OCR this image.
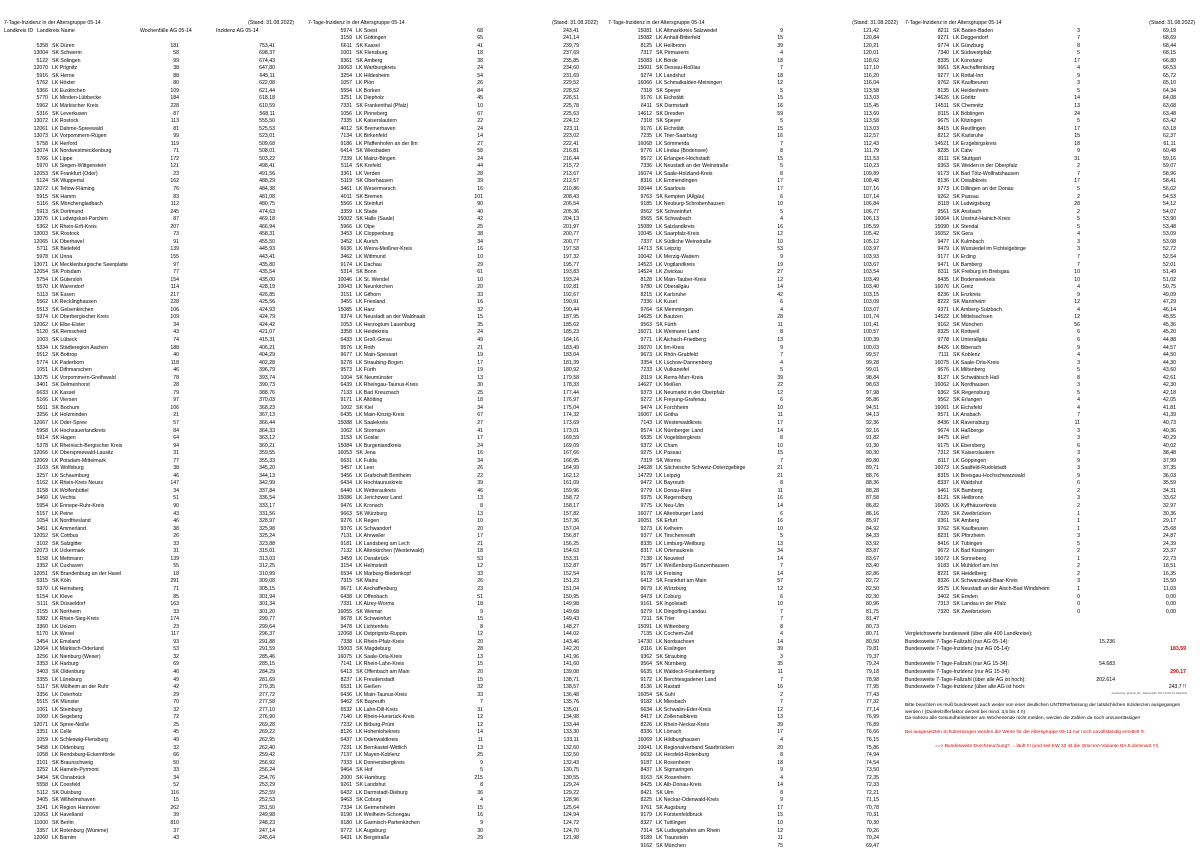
7-Tage-Inzidenz in der Altersgruppe 05-14	(Stand: 31.08.2022)
Landkreis ID Landkreis Name	Wochenfälle AG 05-14	Inzidenz AG 05-14
5358 SK Düren	181	753,41
13004 SK Schwerin	58	698,37
5122 SK Solingen	99	674,43
12070 LK Prignitz	38	647,80
5916 SK Herne	88	645,11
5762 LK Höxter	80	622,08
5366 LK Euskirchen	109	621,44
5770 LK Minden-Lübbecke	184	618,18
5962 LK Märkischer Kreis	228	610,59
5316 SK Leverkusen	87	568,11
13072 LK Rostock	113	555,50
12061 LK Dahme-Spreewald	81	525,53
13073 LK Vorpommern-Rügen	99	523,01
5758 LK Herford	119	509,68
13074 LK Nordwestmecklenburg	71	508,01
5766 LK Lippe	172	503,22
5970 LK Siegen-Wittgenstein	121	498,41
12053 SK Frankfurt (Oder)	23	491,56
5124 SK Wuppertal	162	488,29
12072 LK Teltow-Fläming	76	484,38
5915 SK Hamm	83	481,08
5116 SK Mönchengladbach	112	480,75
5913 SK Dortmund	245	474,63
13076 LK Ludwigslust-Parchim	87	469,18
5362 LK Rhein-Erft-Kreis	207	466,94
13003 SK Rostock	73	458,31
12065 LK Oberhavel	91	455,50
5711 SK Bielefeld	139	445,93
5978 LK Unna	155	443,41
13071 LK Mecklenburgische Seenplatte	97	435,80
12054 SK Potsdam	77	435,54
5754 LK Gütersloh	154	435,00
5570 LK Warendorf	114	428,19
5113 SK Essen	217	426,85
5562 LK Recklinghausen	228	425,56
5513 SK Gelsenkirchen	106	424,93
5374 LK Oberbergischer Kreis	109	424,79
12062 LK Elbe-Elster	34	424,42
5120 SK Remscheid	43	421,07
1003 SK Lübeck	74	415,31
5334 LK Städteregion Aachen	188	406,21
5512 SK Bottrop	40	404,29
5774 LK Paderborn	118	402,28
1051 LK Dithmarschen	46	396,79
13075 LK Vorpommern-Greifswald	78	393,74
3401 SK Delmenhorst	28	390,73
6633 LK Kassel	79	388,76
5166 LK Viersen	97	370,03
5911 SK Bochum	106	368,23
3256 LK Holzminden	21	367,13
12067 LK Oder-Spree	57	366,44
5958 LK Hochsauerlandkreis	84	364,33
5914 SK Hagen	64	363,12
5378 LK Rheinisch-Bergischer Kreis	94	360,21
12066 LK Oberspreewald-Lausitz	31	359,55
12069 LK Potsdam-Mittelmark	77	355,33
3103 SK Wolfsburg	38	345,20
3257 LK Schaumburg	46	344,13
5162 LK Rhein-Kreis Neuss	147	342,99
3158 LK Wolfenbüttel	34	337,84
3460 LK Vechta	51	336,54
5954 LK Ennepe-Ruhr-Kreis	90	333,17
5157 LK Peine	43	331,56
1054 LK Nordfriesland	46	328,97
3451 LK Ammerland	38	325,98
12052 SK Cottbus	26	325,24
3102 SK Salzgitter	33	323,88
12073 LK Uckermark	31	315,01
5158 LK Mettmann	139	313,03
3352 LK Cuxhaven	55	312,25
12051 SK Brandenburg an der Havel	18	310,99
5315 SK Köln	291	309,08
5370 LK Heinsberg	71	305,15
5154 LK Kleve	85	301,94
5111 SK Düsseldorf	163	301,34
3155 LK Northeim	33	301,20
5382 LK Rhein-Sieg-Kreis	174	299,77
3360 LK Uelzen	23	299,64
5170 LK Wesel	117	296,37
3454 LK Emsland	93	291,88
12064 LK Märkisch-Oderland	53	291,59
3256 LK Nienburg (Weser)	32	285,46
3353 LK Harburg	69	285,15
3403 SK Oldenburg	40	284,29
3355 LK Lüneburg	49	281,69
5117 SK Mülheim an der Ruhr	42	279,35
3356 LK Osterholz	29	277,72
5515 SK Münster	70	277,58
1061 LK Steinburg	32	277,10
1060 LK Segeberg	72	276,90
12071 LK Spree-Neiße	25	269,28
3351 LK Celle	45	269,22
1059 LK Schleswig-Flensburg	49	262,95
3458 LK Oldenburg	32	262,40
1058 LK Rendsburg-Eckernförde	66	259,42
3101 SK Braunschweig	50	256,92
3252 LK Hameln-Pyrmont	33	256,24
3404 SK Osnabrück	34	254,76
5558 LK Coesfeld	52	253,29
5112 SK Duisburg	116	252,59
3405 SK Wilhelmshaven	15	252,53
3241 LK Region Hannover	262	251,50
12063 LK Havelland	39	249,98
11000 SK Berlin	810	248,23
3357 LK Rotenburg (Wümme)	37	247,14
12060 LK Barnim	43	245,64
7-Tage-Inzidenz in der Altersgruppe 05-14	(Stand: 31.08.2022)
5974 LK Soest	68	243,41
3159 LK Göttingen	65	241,14
6611 SK Kassel	41	239,79
1001 SK Flensburg	18	237,69
9361 SK Amberg	38	235,85
16063 LK Wartburgkreis	24	234,60
3254 LK Hildesheim	54	231,69
1057 LK Plön	26	229,52
5554 LK Borken	84	228,52
3251 LK Diepholz	45	226,51
7331 SK Frankenthal (Pfalz)	10	225,78
1056 LK Pinneberg	67	225,63
7335 LK Kaiserslautern	22	224,12
4012 SK Bremerhaven	24	223,11
7134 LK Birkenfeld	14	223,02
9186 LK Pfaffenhofen an der Ilm	27	222,41
6414 SK Wiesbaden	58	216,81
7339 LK Mainz-Bingen	24	216,44
5114 SK Krefeld	44	215,72
3361 LK Verden	28	213,67
5119 SK Oberhausen	39	212,57
3461 LK Wesermarsch	16	210,86
4011 SK Bremen	101	208,43
5566 LK Steinfurt	90	206,54
3359 LK Stade	40	205,36
15002 SK Halle (Saale)	42	204,13
5966 LK Olpe	25	201,97
3453 LK Cloppenburg	38	200,77
3452 LK Aurich	34	200,77
6636 LK Werra-Meißner-Kreis	16	197,58
3462 LK Wittmund	10	197,32
9174 LK Dachau	29	195,77
5314 SK Bonn	61	193,83
10046 LK St. Wendel	10	193,24
10043 LK Neunkirchen	20	192,81
3151 LK Gifhorn	33	192,67
3455 LK Friesland	16	190,91
15085 LK Harz	32	190,44
9374 LK Neustadt an der Waldnaab	15	187,95
1053 LK Herzogtum Lauenburg	35	185,62
3358 LK Heidekreis	24	185,23
6433 LK Groß-Gerau	49	184,16
9576 LK Roth	21	183,49
9677 LK Main-Spessart	19	183,04
9278 LK Straubing-Bogen	17	181,39
9573 LK Fürth	19	180,92
1004 SK Neumünster	13	179,58
6439 LK Rheingau-Taunus-Kreis	30	178,33
7133 LK Bad Kreuznach	25	177,44
9171 LK Altötting	18	176,97
1002 SK Kiel	34	175,04
6435 LK Main-Kinzig-Kreis	67	174,32
15088 LK Saalekreis	27	173,69
1062 LK Stormarn	41	173,01
3153 LK Goslar	17	169,59
15084 LK Burgenlandkreis	24	169,09
16053 SK Jena	16	167,66
6631 LK Fulda	34	166,95
3457 LK Leer	26	164,99
3456 LK Grafschaft Bentheim	22	162,12
6434 LK Hochtaunuskreis	39	161,09
6440 LK Wetteraukreis	46	159,96
15086 LK Jerichower Land	13	158,72
9476 LK Kronach	8	158,17
9663 SK Würzburg	13	157,82
9276 LK Regen	10	157,36
9376 LK Schwandorf	20	157,04
7131 LK Ahrweiler	17	156,87
9181 LK Landsberg am Lech	21	156,25
7132 LK Altenkirchen (Westerwald)	18	154,63
3459 LK Osnabrück	53	153,31
3154 LK Helmstedt	12	152,87
6534 LK Marburg-Biedenkopf	33	152,54
7315 SK Mainz	26	151,23
9671 LK Aschaffenburg	23	151,04
6438 LK Offenbach	51	150,95
7331 LK Alzey-Worms	18	149,98
16055 SK Weimar	9	149,68
9678 LK Schweinfurt	15	149,43
9478 LK Lichtenfels	8	148,27
12068 LK Ostprignitz-Ruppin	12	144,02
7338 LK Rhein-Pfalz-Kreis	20	143,46
15003 SK Magdeburg	28	142,20
16075 LK Saale-Orla-Kreis	13	141,96
7141 LK Rhein-Lahn-Kreis	15	141,60
6413 SK Offenbach am Main	20	139,08
8237 LK Freudenstadt	15	138,71
6531 LK Gießen	32	138,57
6436 LK Main-Taunus-Kreis	33	136,48
9462 SK Bayreuth	7	135,76
6532 LK Lahn-Dill-Kreis	31	135,01
7140 LK Rhein-Hunsrück-Kreis	12	134,98
7232 LK Bitburg-Prüm	12	133,44
8126 LK Hohenlohekreis	14	133,30
6437 LK Odenwaldkreis	11	133,11
7231 LK Bernkastel-Wittlich	13	132,60
7137 LK Mayen-Koblenz	25	132,50
7333 LK Donnersbergkreis	9	132,43
9464 SK Hof	5	130,75
2000 SK Hamburg	215	130,55
9261 SK Landshut	8	129,24
6432 LK Darmstadt-Dieburg	36	129,22
9463 SK Coburg	4	128,96
7334 LK Germersheim	15	125,64
9190 LK Weilheim-Schongau	16	124,94
9180 LK Garmisch-Partenkirchen	9	124,72
9772 LK Augsburg	30	124,70
6431 LK Bergstraße	29	121,98
7-Tage-Inzidenz in der Altersgruppe 05-14	(Stand: 31.08.2022)
15081 LK Altmarkkreis Salzwedel	9	121,42
15082 LK Anhalt-Bitterfeld	15	120,84
8125 LK Heilbronn	39	120,21
7317 SK Pirmasens	4	120,01
15083 LK Börde	18	118,62
15001 SK Dessau-Roßlau	7	117,10
9274 LK Landshut	18	116,20
16066 LK Schmalkalden-Meiningen	12	116,04
7318 SK Speyer	5	113,58
9176 LK Eichstätt	15	113,03
6411 SK Darmstadt	16	115,45
14612 SK Dresden	59	113,60
7318 SK Speyer	5	113,58
9176 LK Eichstätt	15	113,03
7235 LK Trier-Saarburg	16	112,57
16068 LK Sömmerda	7	112,43
9776 LK Lindau (Bodensee)	8	111,79
9572 LK Erlangen-Höchstadt	15	111,53
7336 LK Neustadt an der Weinstraße	5	110,23
16074 LK Saale-Holzland-Kreis	8	109,89
8316 LK Emmendingen	17	108,48
10044 LK Saarlouis	17	107,16
9763 SK Kempten (Allgäu)	6	107,14
9185 LK Neuburg-Schrobenhausen	10	106,84
9562 SK Schweinfurt	5	106,77
9565 SK Schwabach	4	106,13
15089 LK Salzlandkreis	16	105,59
10045 LK Saarpfalz-Kreis	12	105,42
7337 LK Südliche Weinstraße	10	105,12
14713 SK Leipzig	53	103,97
10042 LK Merzig-Wadern	9	103,93
14523 LK Vogtlandkreis	19	103,67
14524 LK Zwickau	27	103,54
8128 LK Main-Tauber-Kreis	12	103,49
9780 LK Oberallgäu	14	103,40
8215 LK Karlsruhe	42	103,15
7336 LK Kusel	6	103,09
9764 SK Memmingen	4	103,07
14625 LK Bautzen	28	101,74
9563 SK Fürth	11	101,41
16071 LK Weimarer Land	8	100,57
9771 LK Aichach-Friedberg	13	100,39
16070 LK Ilm-Kreis	9	100,03
9673 LK Rhön-Grabfeld	7	99,57
3354 LK Lüchow-Dannenberg	4	99,28
7233 LK Vulkaneifel	5	99,01
8119 LK Rems-Murr-Kreis	39	98,84
14627 LK Meißen	22	98,63
9373 LK Neumarkt in der Oberpfalz	12	97,98
9272 LK Freyung-Grafenau	6	95,86
9474 LK Forchheim	10	94,51
16067 LK Gotha	11	94,13
7143 LK Westerwaldkreis	17	92,36
9574 LK Nürnberger Land	14	92,16
6535 LK Vogelsbergkreis	8	91,82
9372 LK Cham	10	91,30
9275 LK Passau	15	90,30
7319 SK Worms	7	89,80
14628 LK Sächsische Schweiz-Osterzgebirge	21	89,71
14729 LK Leipzig	21	88,76
9472 LK Bayreuth	8	88,36
9779 LK Donau-Ries	11	88,28
9375 LK Regensburg	16	87,58
9775 LK Neu-Ulm	14	86,82
16077 LK Altenburger Land	6	86,16
16051 SK Erfurt	16	85,97
9273 LK Kelheim	10	84,92
9377 LK Tirschenreuth	5	84,33
8335 LK Limburg-Weilburg	13	83,92
8317 LK Ortenaukreis	34	83,87
7138 LK Neuwied	14	83,67
9577 LK Weißenburg-Gunzenhausen	7	83,40
9178 LK Freising	14	82,86
6412 SK Frankfurt am Main	57	82,72
9679 LK Würzburg	12	82,50
9473 LK Coburg	6	82,30
9161 SK Ingolstadt	10	80,96
9279 LK Dingolfing-Landau	7	81,75
7211 SK Trier	7	81,47
15091 LK Wittenberg	8	80,73
7135 LK Cochem-Zell	4	80,71
14730 LK Nordsachsen	14	80,50
8116 LK Esslingen	39	79,81
9362 SK Straubing	3	79,37
9564 SK Nürnberg	35	79,24
6635 LK Waldeck-Frankenberg	11	79,18
9172 LK Berchtesgadener Land	7	78,98
8136 LK Rastatt	16	77,95
16054 SK Suhl	2	77,43
9182 LK Miesbach	7	77,32
6634 LK Schwalm-Eder-Kreis	12	77,14
8417 LK Zollernalbkreis	13	76,99
8226 LK Rhein-Neckar-Kreis	39	76,89
8336 LK Lörrach	17	76,66
16069 LK Hildburghausen	4	76,15
10041 LK Regionalverband Saarbrücken	20	75,86
6632 LK Hersfeld-Rotenburg	8	74,94
9187 LK Rosenheim	18	74,54
8437 LK Sigmaringen	9	73,50
9163 SK Rosenheim	4	72,35
8425 LK Alb-Donau-Kreis	14	72,33
8421 SK Ulm	8	72,21
8225 LK Neckar-Odenwald-Kreis	9	71,15
9761 SK Augsburg	17	70,78
9179 LK Fürstenfeldbruck	15	70,31
8327 LK Tuttlingen	10	70,30
7314 SK Ludwigshafen am Rhein	12	70,26
9189 LK Traunstein	11	70,24
9162 SK München	75	69,47
7-Tage-Inzidenz in der Altersgruppe 05-14	(Stand: 31.08.2022)
8211 SK Baden-Baden	3	69,19
9271 LK Deggendorf	7	68,69
9774 LK Günzburg	8	68,44
7340 LK Südwestpfalz	5	68,15
8335 LK Konstanz	17	66,80
9661 SK Aschaffenburg	4	66,53
9277 LK Rottal-Inn	9	65,72
9762 SK Kaufbeuren	3	65,10
8135 LK Heidenheim	5	64,34
14626 LK Görlitz	14	64,08
14511 SK Chemnitz	13	63,68
8115 LK Böblingen	24	63,48
9675 LK Kitzingen	5	63,42
8415 LK Reutlingen	17	63,18
8212 SK Karlsruhe	15	62,37
14521 LK Erzgebirgskreis	18	61,11
8235 LK Calw	9	60,48
8111 SK Stuttgart	31	59,16
9363 SK Weiden in der Oberpfalz	2	59,07
9173 LK Bad Tölz-Wolfratshausen	7	58,96
8136 LK Ostalbkreis	17	58,41
9773 LK Dillingen an der Donau	5	56,02
9262 SK Passau	2	54,53
8118 LK Ludwigsburg	28	54,12
9561 SK Ansbach	2	54,07
16064 LK Unstrut-Hainich-Kreis	5	53,90
15090 LK Stendal	5	53,48
16052 SK Gera	4	53,09
9477 LK Kulmbach	3	53,08
9479 LK Wunsiedel im Fichtelgebirge	3	52,72
9177 LK Erding	7	52,54
9471 LK Bamberg	7	52,01
8311 SK Freiburg im Breisgau	10	51,49
8435 LK Bodenseekreis	10	51,02
16076 LK Greiz	4	50,75
8236 LK Enzkreis	9	49,09
8222 SK Mannheim	12	47,29
9371 LK Amberg-Sulzbach	4	46,14
14522 LK Mittelsachsen	12	45,55
9162 SK München	56	45,36
8325 LK Rottweil	6	45,20
9778 LK Unterallgäu	6	44,88
8426 LK Biberach	9	44,57
7111 SK Koblenz	4	44,50
16075 LK Saale-Orla-Kreis	3	44,30
9676 LK Miltenberg	5	43,60
8127 LK Schwäbisch Hall	8	42,61
16062 LK Nordhausen	3	42,30
9362 SK Regensburg	5	42,18
9562 SK Erlangen	4	42,05
16061 LK Eichsfeld	4	41,81
9571 LK Ansbach	7	41,39
8436 LK Ravensburg	11	40,73
9674 LK Haßberge	3	40,36
9475 LK Hof	3	40,29
9175 LK Ebersberg	6	40,02
7312 SK Kaiserslautern	3	38,48
8117 LK Göppingen	9	37,99
16073 LK Saalfeld-Rudolstadt	3	37,35
8315 LK Breisgau-Hochschwarzwald	9	36,03
8337 LK Waldshut	6	35,59
9461 SK Bamberg	2	34,31
8121 SK Heilbronn	3	33,62
16065 LK Kyffhäuserkreis	2	32,97
7320 SK Zweibrücken	1	30,36
9361 SK Amberg	1	29,17
9762 SK Kaufbeuren	1	25,68
8231 SK Pforzheim	3	24,87
8416 LK Tübingen	5	24,39
9672 LK Bad Kissingen	2	23,37
16072 LK Sonneberg	1	22,73
9183 LK Mühldorf am Inn	2	18,51
8221 SK Heidelberg	2	16,35
8326 LK Schwarzwald-Baar-Kreis	3	15,50
9575 LK Neustadt an der Aisch-Bad Windsheim	1	11,03
3402 SK Emden	0	0,00
7313 SK Landau in der Pfalz	0	0,00
7320 SK Zweibrücken	0	0,00
Vergleichswerte bundesweit (über alle 400 Landkreise):
Bundesweite 7-Tage-Fallzahl (nur AG 05-14):	15.236
Bundesweite 7-Tage-Inzidenz (nur AG 05-14):	183,59
Bundesweite 7-Tage-Fallzahl (nur AG 15-34):	54.683
Bundesweite 7-Tage-Inzidenz (nur AG 15-34):	290,17
Bundesweite 7-Tage-Fallzahl (über alle AG ist hoch):	202.614
Bundesweite 7-Tage-Inzidenz (über alle AG ist hoch:	243,7 !!
Auswertung: @dorak_kfz_ Datenquelle: RKI COVID-19 Datenhub
Bitte beachten es muß bundesweit auch weiter von einer deutlichen UNTERerfassung der tatsächlichen Inzidenzen ausgegangen werden ! (Dunkelzifferfaktor derzeit bei mind. 3,5 bis 4 !!)
Da nahezu alle Gesundheitsämter am Wochenende nicht melden, werden die Zahlen da noch unzuverlässiger!
Bei ausgesetzten Schultestungen werden die Werte für die Altersgruppe 05-14 nur noch unvollständig ermittelt !!!
==> Bundesweite Durchseuchung? ... läuft !!! (und seit KW 23 ist die Omicron-Variante BA.5 dominant !!!)
